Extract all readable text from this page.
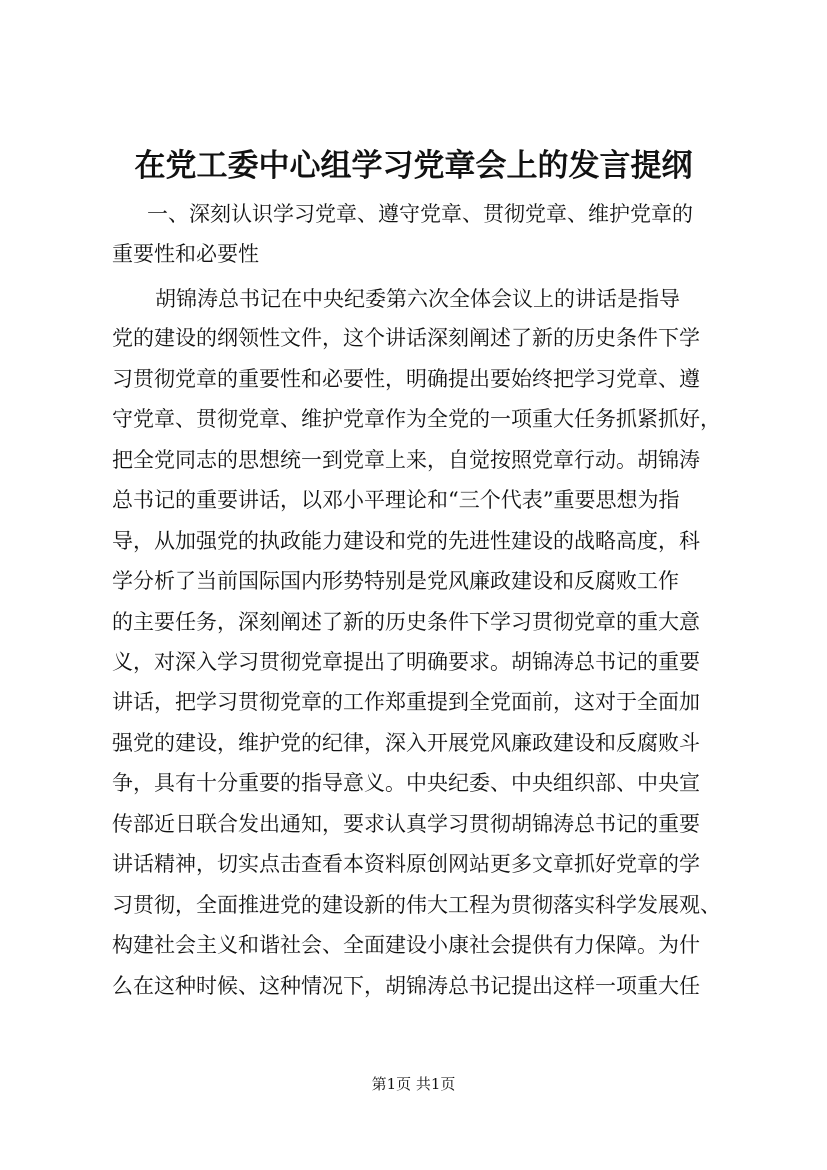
在党工委中心组学习党章会上的发言提纲
一、深刻认识学习党章、遵守党章、贯彻党章、维护党章的
重要性和必要性
胡锦涛总书记在中央纪委第六次全体会议上的讲话是指导
党的建设的纲领性文件，这个讲话深刻阐述了新的历史条件下学
习贯彻党章的重要性和必要性，明确提出要始终把学习党章、遵
守党章、贯彻党章、维护党章作为全党的一项重大任务抓紧抓好，
把全党同志的思想统一到党章上来，自觉按照党章行动。胡锦涛
总书记的重要讲话，以邓小平理论和“三个代表”重要思想为指
导，从加强党的执政能力建设和党的先进性建设的战略高度，科
学分析了当前国际国内形势特别是党风廉政建设和反腐败工作
的主要任务，深刻阐述了新的历史条件下学习贯彻党章的重大意
义，对深入学习贯彻党章提出了明确要求。胡锦涛总书记的重要
讲话，把学习贯彻党章的工作郑重提到全党面前，这对于全面加
强党的建设，维护党的纪律，深入开展党风廉政建设和反腐败斗
争，具有十分重要的指导意义。中央纪委、中央组织部、中央宣
传部近日联合发出通知，要求认真学习贯彻胡锦涛总书记的重要
讲话精神，切实点击查看本资料原创网站更多文章抓好党章的学
习贯彻，全面推进党的建设新的伟大工程为贯彻落实科学发展观、
构建社会主义和谐社会、全面建设小康社会提供有力保障。为什
么在这种时候、这种情况下，胡锦涛总书记提出这样一项重大任
第1页 共1页
